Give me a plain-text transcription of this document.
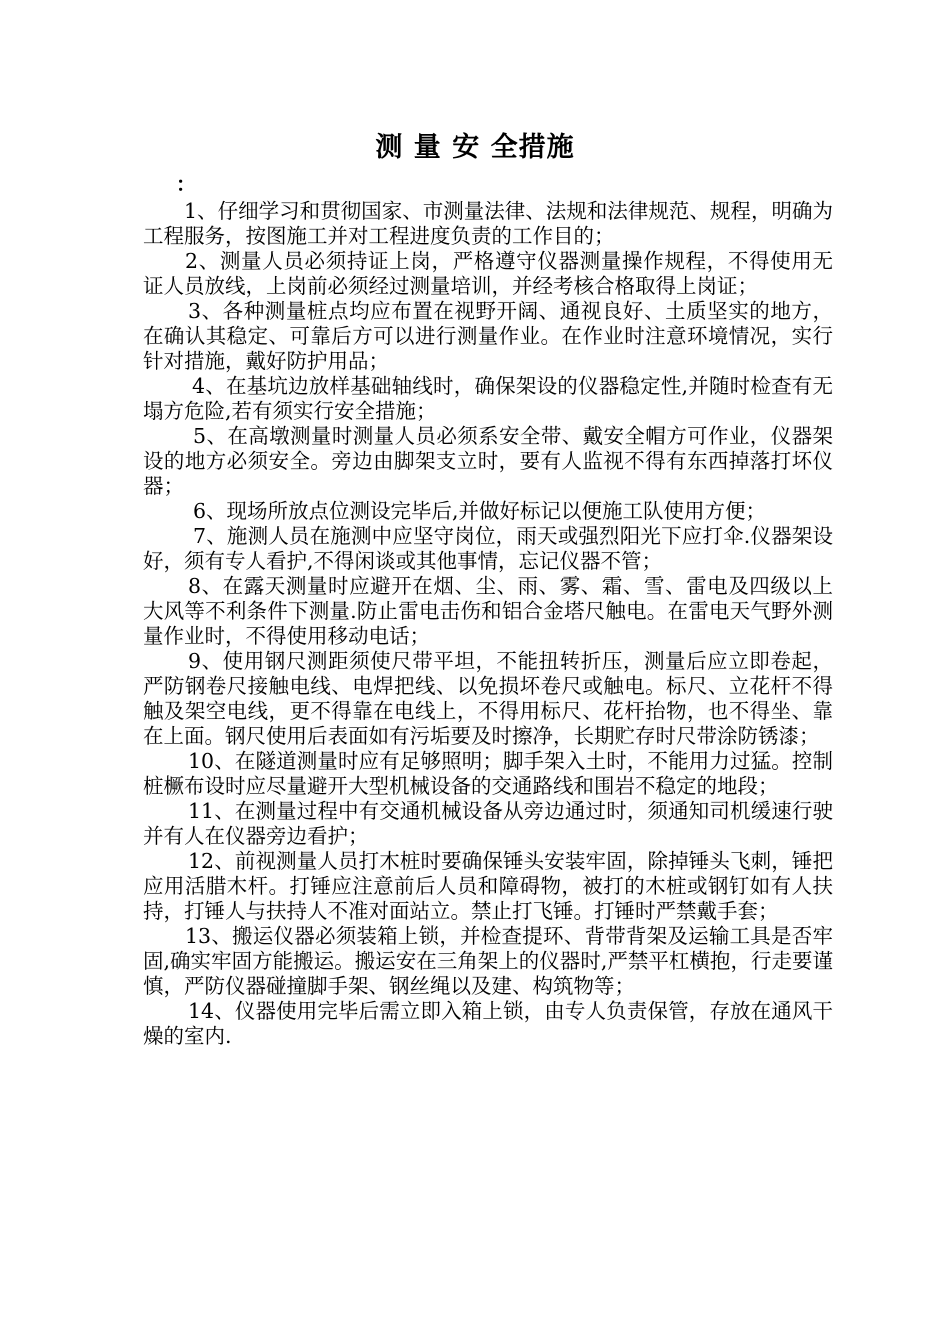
测 量 安 全措施
：

1、仔细学习和贯彻国家、市测量法律、法规和法律规范、规程，明确为工程服务，按图施工并对工程进度负责的工作目的；

2、测量人员必须持证上岗，严格遵守仪器测量操作规程，不得使用无证人员放线，上岗前必须经过测量培训，并经考核合格取得上岗证；

3、各种测量桩点均应布置在视野开阔、通视良好、土质坚实的地方，在确认其稳定、可靠后方可以进行测量作业。在作业时注意环境情况，实行针对措施，戴好防护用品；

4、在基坑边放样基础轴线时，确保架设的仪器稳定性,并随时检查有无塌方危险,若有须实行安全措施；

5、在高墩测量时测量人员必须系安全带、戴安全帽方可作业，仪器架设的地方必须安全。旁边由脚架支立时，要有人监视不得有东西掉落打坏仪器；

6、现场所放点位测设完毕后,并做好标记以便施工队使用方便；

7、施测人员在施测中应坚守岗位，雨天或强烈阳光下应打伞.仪器架设好，须有专人看护,不得闲谈或其他事情，忘记仪器不管；

8、在露天测量时应避开在烟、尘、雨、雾、霜、雪、雷电及四级以上大风等不利条件下测量.防止雷电击伤和铝合金塔尺触电。在雷电天气野外测量作业时，不得使用移动电话；

9、使用钢尺测距须使尺带平坦，不能扭转折压，测量后应立即卷起，严防钢卷尺接触电线、电焊把线、以免损坏卷尺或触电。标尺、立花杆不得触及架空电线，更不得靠在电线上，不得用标尺、花杆抬物，也不得坐、靠在上面。钢尺使用后表面如有污垢要及时擦净，长期贮存时尺带涂防锈漆；

10、在隧道测量时应有足够照明；脚手架入土时，不能用力过猛。控制桩橛布设时应尽量避开大型机械设备的交通路线和围岩不稳定的地段；

11、在测量过程中有交通机械设备从旁边通过时，须通知司机缓速行驶并有人在仪器旁边看护；

12、前视测量人员打木桩时要确保锤头安装牢固，除掉锤头飞刺，锤把应用活腊木杆。打锤应注意前后人员和障碍物，被打的木桩或钢钉如有人扶持，打锤人与扶持人不准对面站立。禁止打飞锤。打锤时严禁戴手套；

13、搬运仪器必须装箱上锁，并检查提环、背带背架及运输工具是否牢固,确实牢固方能搬运。搬运安在三角架上的仪器时,严禁平杠横抱，行走要谨慎，严防仪器碰撞脚手架、钢丝绳以及建、构筑物等；

14、仪器使用完毕后需立即入箱上锁，由专人负责保管，存放在通风干燥的室内.
